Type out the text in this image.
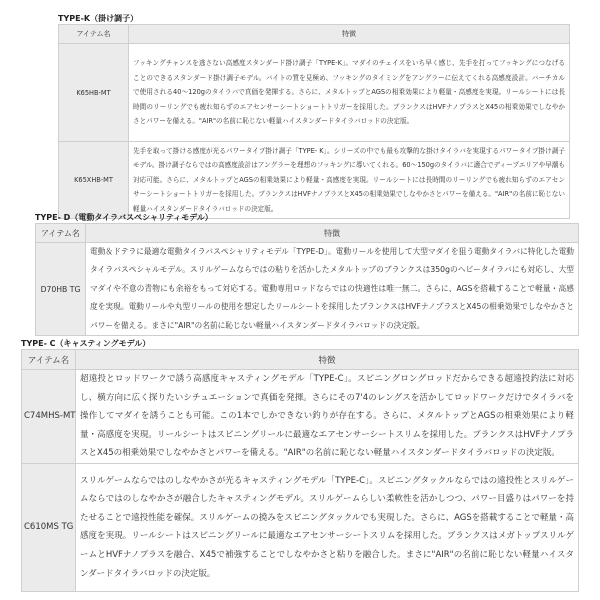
TYPE-K（掛け調子）
アイテム名	特徴
K65HB-MT	フッキングチャンスを逃さない高感度スタンダード掛け調子「TYPE-K」。マダイのチェイスをいち早く感じ、先手を打ってフッキングにつなげることのできるスタンダード掛け調子モデル。バイトの質を見極め、フッキングのタイミングをアングラーに伝えてくれる高感度設計。バーチカルで使用される40～120gのタイラバで真価を発揮する。さらに、メタルトップとAGSの相乗効果により軽量・高感度を実現。リールシートには長時間のリーリングでも疲れ知らずのエアセンサーシートショートトリガーを採用した。ブランクスはHVFナノプラスとX45の相乗効果でしなやかさとパワーを備える。"AIR"の名前に恥じない軽量ハイスタンダードタイラバロッドの決定版。
K65XHB-MT	先手を取って掛ける感度が光るパワータイプ掛け調子「TYPE- K」。シリーズの中でも最も攻撃的な掛けタイラバを実現するパワータイプ掛け調子モデル。掛け調子ならではの高感度設計はアングラーを理想のフッキングに導いてくれる。60～150gのタイラバに適合でディープエリアや早潮も対応可能。さらに、メタルトップとAGSの相乗効果により軽量・高感度を実現。リールシートには長時間のリーリングでも疲れ知らずのエアセンサーシートショートトリガーを採用した。ブランクスはHVFナノプラスとX45の相乗効果でしなやかさとパワーを備える。"AIR"の名前に恥じない軽量ハイスタンダードタイラバロッドの決定版。
TYPE- D（電動タイラバスペシャリティモデル）
アイテム名	特徴
D70HB TG	電動＆ドテラに最適な電動タイラバスペシャリティモデル「TYPE-D」。電動リールを使用して大型マダイを狙う電動タイラバに特化した電動タイラバスペシャルモデル。スリルゲームならではの粘りを活かしたメタルトップのブランクスは350gのヘビータイラバにも対応し、大型マダイや不意の青物にも余裕をもって対応する。電動専用ロッドならではの快適性は唯一無二。さらに、AGSを搭載することで軽量・高感度を実現。電動リールや丸型リールの使用を想定したリールシートを採用したブランクスはHVFナノプラスとX45の相乗効果でしなやかさとパワーを備える。まさに"AIR"の名前に恥じない軽量ハイスタンダードタイラバロッドの決定版。
TYPE- C（キャスティングモデル）
アイテム名	特徴
C74MHS-MT	超遠投とロッドワークで誘う高感度キャスティングモデル「TYPE-C」。スピニングロングロッドだからできる超遠投釣法に対応し、横方向に広く探りたいシチュエーションで真価を発揮。さらにその7'4のレングスを活かしてロッドワークだけでタイラバを操作してマダイを誘うことも可能。この1本でしかできない釣りが存在する。さらに、メタルトップとAGSの相乗効果により軽量・高感度を実現。リールシートはスピニングリールに最適なエアセンサーシートスリムを採用した。ブランクスはHVFナノプラスとX45の相乗効果でしなやかさとパワーを備える。"AIR"の名前に恥じない軽量ハイスタンダードタイラバロッドの決定版。
C610MS TG	スリルゲームならではのしなやかさが光るキャスティングモデル「TYPE-C」。スピニングタックルならではの遠投性とスリルゲームならではのしなやかさが融合したキャスティングモデル。スリルゲームらしい柔軟性を活かしつつ、パワー目盛りはパワーを持たせることで遠投性能を確保。スリルゲームの撓みをスピニングタックルでも実現した。さらに、AGSを搭載することで軽量・高感度を実現。リールシートはスピニングリールに最適なエアセンサーシートスリムを採用した。ブランクスはメガトップスリルゲームとHVFナノプラスを融合、X45で補強することでしなやかさと粘りを融合した。まさに"AIR"の名前に恥じない軽量ハイスタンダードタイラバロッドの決定版。
